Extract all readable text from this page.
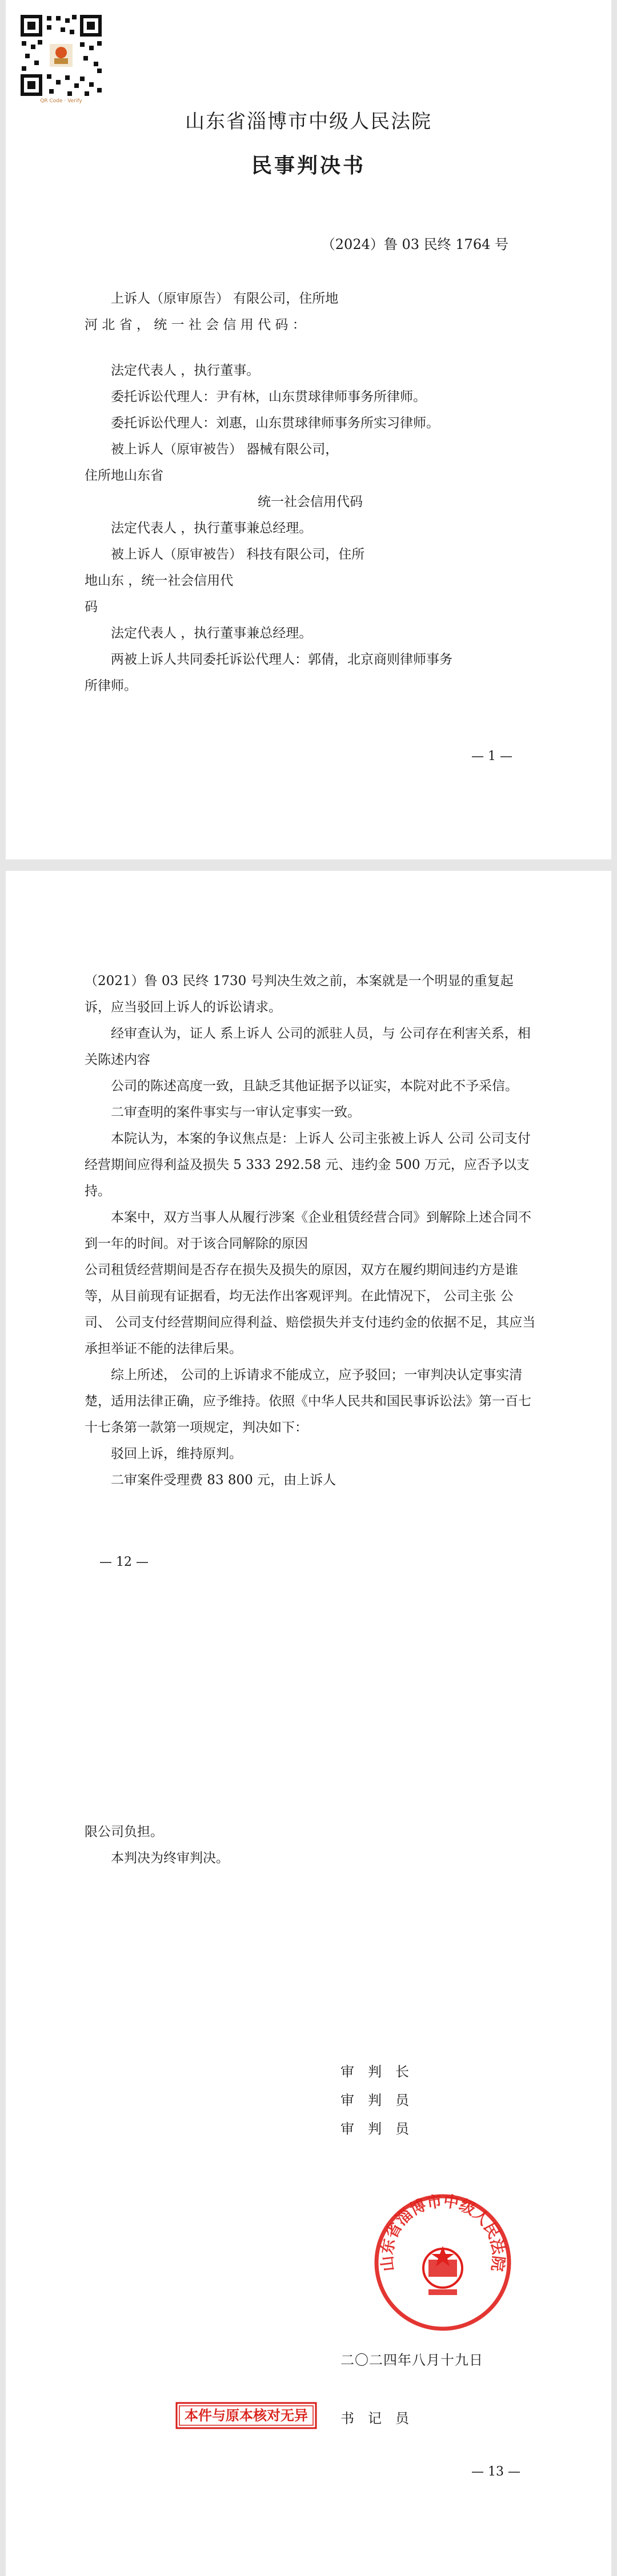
QR Code · Verify
山东省淄博市中级人民法院
民事判决书
（2024）鲁 03 民终 1764 号

上诉人（原审原告） 有限公司，住所地

河 北 省 ， 统 一 社 会 信 用 代 码 ：

法定代表人 ，执行董事。

委托诉讼代理人：尹有林，山东贯球律师事务所律师。

委托诉讼代理人：刘惠，山东贯球律师事务所实习律师。

被上诉人（原审被告） 器械有限公司，

住所地山东省

统一社会信用代码

法定代表人 ，执行董事兼总经理。

被上诉人（原审被告） 科技有限公司，住所

地山东 ，统一社会信用代

码

法定代表人 ，执行董事兼总经理。

两被上诉人共同委托诉讼代理人：郭倩，北京商则律师事务

所律师。

— 1 —

（2021）鲁 03 民终 1730 号判决生效之前，本案就是一个明显的重复起诉，应当驳回上诉人的诉讼请求。

经审查认为，证人 系上诉人 公司的派驻人员，与 公司存在利害关系，相关陈述内容

公司的陈述高度一致，且缺乏其他证据予以证实，本院对此不予采信。

二审查明的案件事实与一审认定事实一致。

本院认为，本案的争议焦点是：上诉人 公司主张被上诉人 公司 公司支付经营期间应得利益及损失 5 333 292.58 元、违约金 500 万元，应否予以支持。

本案中，双方当事人从履行涉案《企业租赁经营合同》到解除上述合同不到一年的时间。对于该合同解除的原因

公司租赁经营期间是否存在损失及损失的原因，双方在履约期间违约方是谁等，从目前现有证据看，均无法作出客观评判。在此情况下， 公司主张 公司、 公司支付经营期间应得利益、赔偿损失并支付违约金的依据不足，其应当承担举证不能的法律后果。

综上所述， 公司的上诉请求不能成立，应予驳回；一审判决认定事实清楚，适用法律正确，应予维持。依照《中华人民共和国民事诉讼法》第一百七十七条第一款第一项规定，判决如下：

驳回上诉，维持原判。

二审案件受理费 83 800 元，由上诉人

— 12 —

限公司负担。

本判决为终审判决。

审　判　长
审　判　员
审　判　员
山东省淄博市中级人民法院
二〇二四年八月十九日
本件与原本核对无异 书　记　员
— 13 —
